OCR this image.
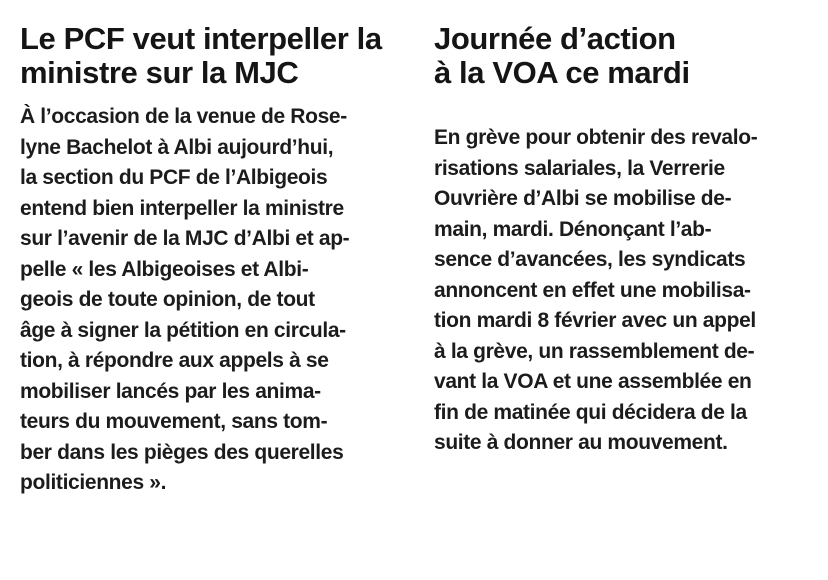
Le PCF veut interpeller la
ministre sur la MJC

À l’occasion de la venue de Rose-
lyne Bachelot à Albi aujourd’hui,
la section du PCF de l’Albigeois
entend bien interpeller la ministre
sur l’avenir de la MJC d’Albi et ap-
pelle « les Albigeoises et Albi-
geois de toute opinion, de tout
âge à signer la pétition en circula-
tion, à répondre aux appels à se
mobiliser lancés par les anima-
teurs du mouvement, sans tom-
ber dans les pièges des querelles
politiciennes ».

Journée d’action
à la VOA ce mardi

En grève pour obtenir des revalo-
risations salariales, la Verrerie
Ouvrière d’Albi se mobilise de-
main, mardi. Dénonçant l’ab-
sence d’avancées, les syndicats
annoncent en effet une mobilisa-
tion mardi 8 février avec un appel
à la grève, un rassemblement de-
vant la VOA et une assemblée en
fin de matinée qui décidera de la
suite à donner au mouvement.
